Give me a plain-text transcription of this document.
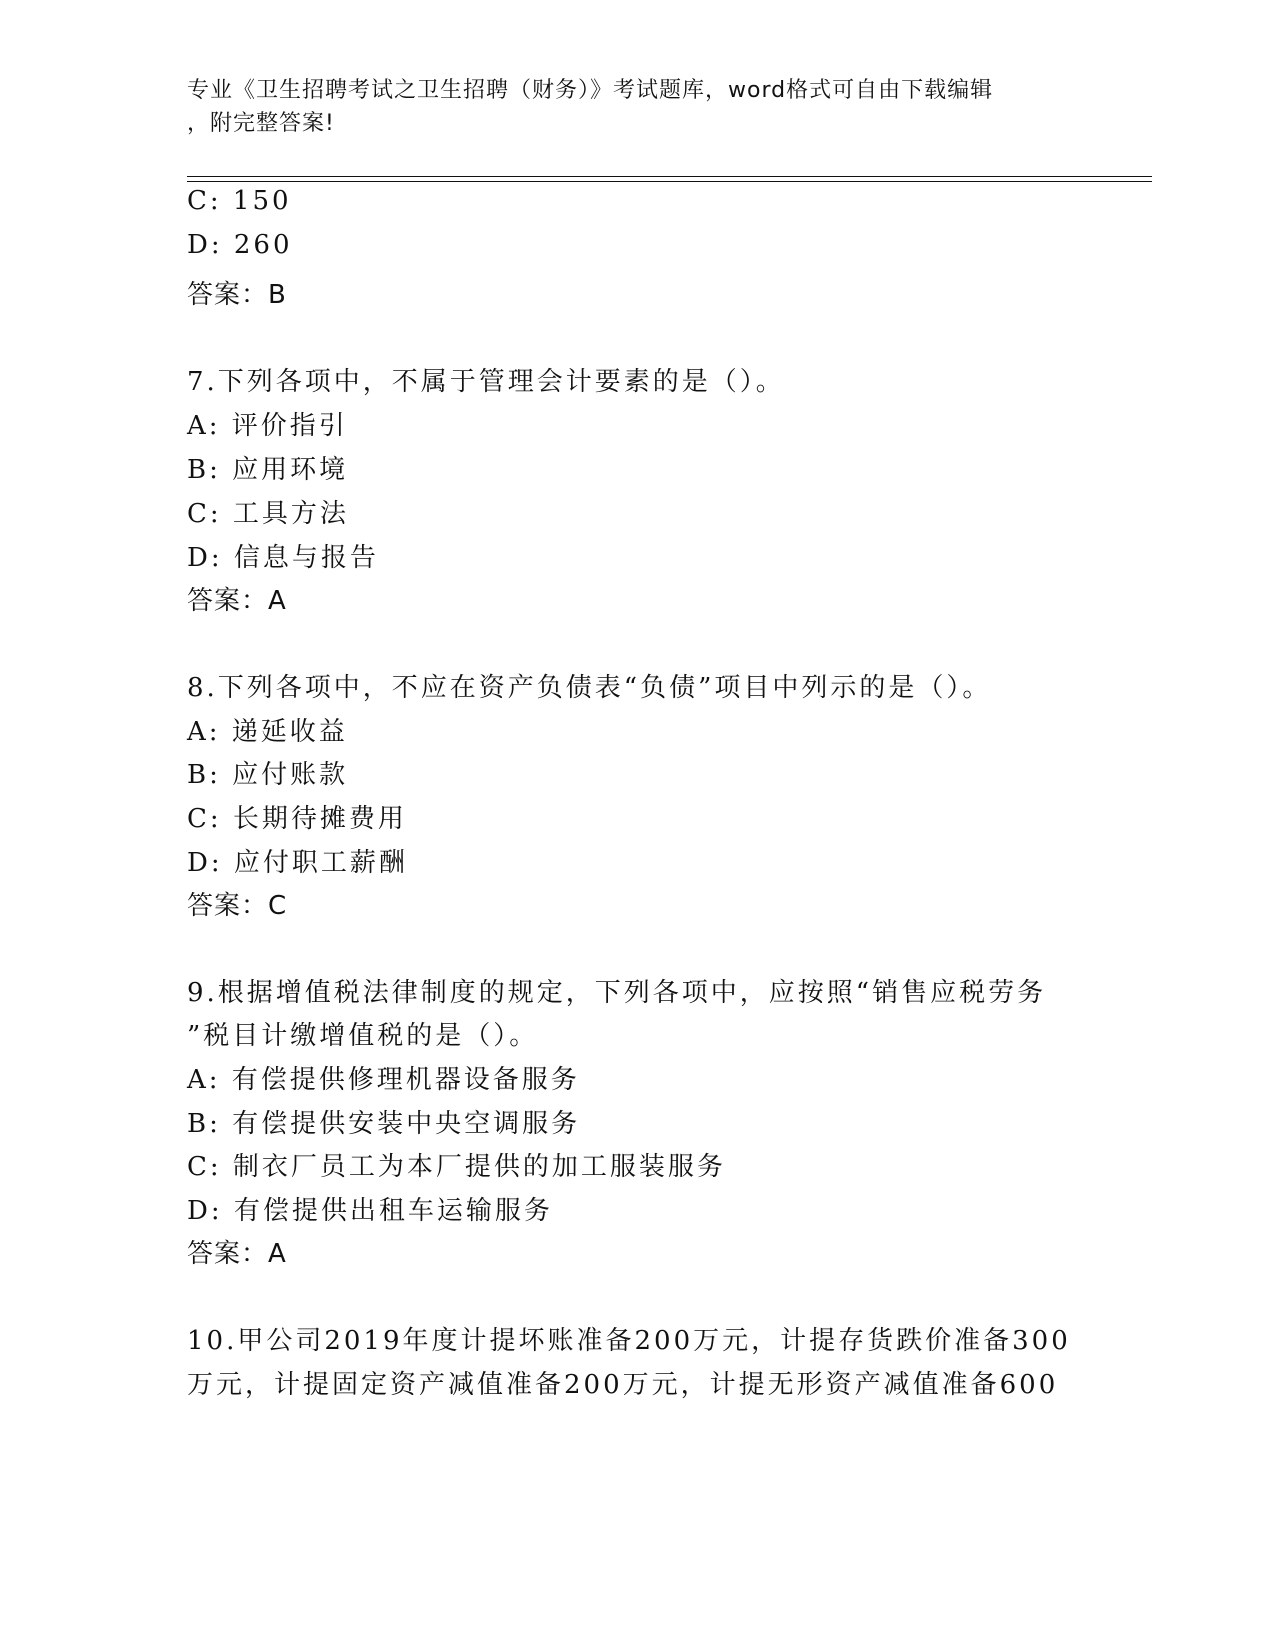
专业《卫生招聘考试之卫生招聘（财务）》考试题库，word格式可自由下载编辑
，附完整答案!
C: 150
D: 260
答案：B
7.下列各项中，不属于管理会计要素的是（）。
A: 评价指引
B: 应用环境
C: 工具方法
D: 信息与报告
答案：A
8.下列各项中，不应在资产负债表“负债”项目中列示的是（）。
A: 递延收益
B: 应付账款
C: 长期待摊费用
D: 应付职工薪酬
答案：C
9.根据增值税法律制度的规定，下列各项中，应按照“销售应税劳务
”税目计缴增值税的是（）。
A: 有偿提供修理机器设备服务
B: 有偿提供安装中央空调服务
C: 制衣厂员工为本厂提供的加工服装服务
D: 有偿提供出租车运输服务
答案：A
10.甲公司2019年度计提坏账准备200万元，计提存货跌价准备300
万元，计提固定资产减值准备200万元，计提无形资产减值准备600
